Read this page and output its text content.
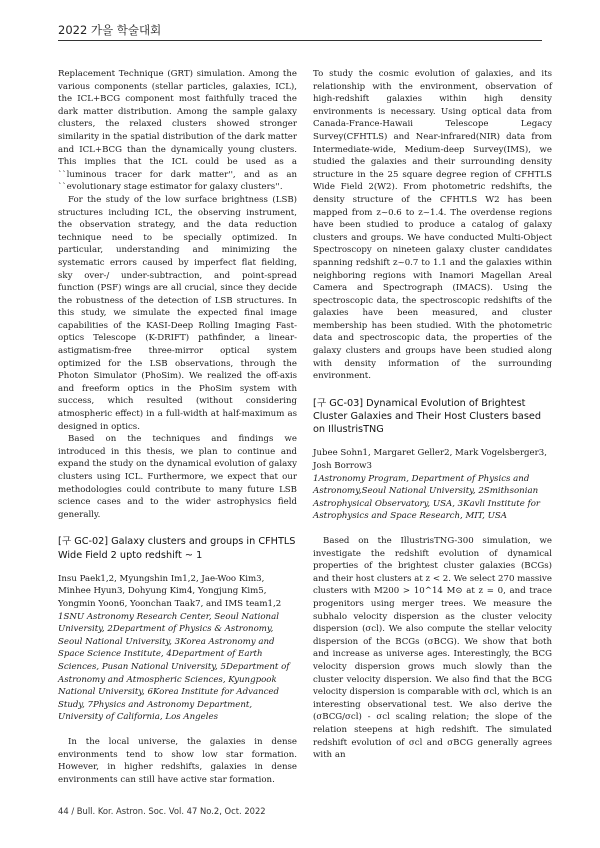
2022 가을 학술대회

Replacement Technique (GRT) simulation. Among the various components (stellar particles, galaxies, ICL), the ICL+BCG component most faithfully traced the dark matter distribution. Among the sample galaxy clusters, the relaxed clusters showed stronger similarity in the spatial distribution of the dark matter and ICL+BCG than the dynamically young clusters. This implies that the ICL could be used as a ``luminous tracer for dark matter'', and as an ``evolutionary stage estimator for galaxy clusters''.

For the study of the low surface brightness (LSB) structures including ICL, the observing instrument, the observation strategy, and the data reduction technique need to be specially optimized. In particular, understanding and minimizing the systematic errors caused by imperfect flat fielding, sky over-/ under-subtraction, and point-spread function (PSF) wings are all crucial, since they decide the robustness of the detection of LSB structures. In this study, we simulate the expected final image capabilities of the KASI-Deep Rolling Imaging Fast-optics Telescope (K-DRIFT) pathfinder, a linear-astigmatism-free three-mirror optical system optimized for the LSB observations, through the Photon Simulator (PhoSim). We realized the off-axis and freeform optics in the PhoSim system with success, which resulted (without considering atmospheric effect) in a full-width at half-maximum as designed in optics.

Based on the techniques and findings we introduced in this thesis, we plan to continue and expand the study on the dynamical evolution of galaxy clusters using ICL. Furthermore, we expect that our methodologies could contribute to many future LSB science cases and to the wider astrophysics field generally.

[구 GC-02] Galaxy clusters and groups in CFHTLS Wide Field 2 upto redshift ~ 1

Insu Paek1,2, Myungshin Im1,2, Jae-Woo Kim3, Minhee Hyun3, Dohyung Kim4, Yongjung Kim5, Yongmin Yoon6, Yoonchan Taak7, and IMS team1,2

1SNU Astronomy Research Center, Seoul National University, 2Department of Physics & Astronomy, Seoul National University, 3Korea Astronomy and Space Science Institute, 4Department of Earth Sciences, Pusan National University, 5Department of Astronomy and Atmospheric Sciences, Kyungpook National University, 6Korea Institute for Advanced Study, 7Physics and Astronomy Department, University of California, Los Angeles

In the local universe, the galaxies in dense environments tend to show low star formation. However, in higher redshifts, galaxies in dense environments can still have active star formation.

To study the cosmic evolution of galaxies, and its relationship with the environment, observation of high-redshift galaxies within high density environments is necessary. Using optical data from Canada-France-Hawaii Telescope Legacy Survey(CFHTLS) and Near-infrared(NIR) data from Intermediate-wide, Medium-deep Survey(IMS), we studied the galaxies and their surrounding density structure in the 25 square degree region of CFHTLS Wide Field 2(W2). From photometric redshifts, the density structure of the CFHTLS W2 has been mapped from z~0.6 to z~1.4. The overdense regions have been studied to produce a catalog of galaxy clusters and groups. We have conducted Multi-Object Spectroscopy on nineteen galaxy cluster candidates spanning redshift z~0.7 to 1.1 and the galaxies within neighboring regions with Inamori Magellan Areal Camera and Spectrograph (IMACS). Using the spectroscopic data, the spectroscopic redshifts of the galaxies have been measured, and cluster membership has been studied. With the photometric data and spectroscopic data, the properties of the galaxy clusters and groups have been studied along with density information of the surrounding environment.

[구 GC-03] Dynamical Evolution of Brightest Cluster Galaxies and Their Host Clusters based on IllustrisTNG

Jubee Sohn1, Margaret Geller2, Mark Vogelsberger3, Josh Borrow3

1Astronomy Program, Department of Physics and Astronomy,Seoul National University, 2Smithsonian Astrophysical Observatory, USA, 3Kavli Institute for Astrophysics and Space Research, MIT, USA

Based on the IllustrisTNG-300 simulation, we investigate the redshift evolution of dynamical properties of the brightest cluster galaxies (BCGs) and their host clusters at z < 2. We select 270 massive clusters with M200 > 10^14 M⊙ at z = 0, and trace progenitors using merger trees. We measure the subhalo velocity dispersion as the cluster velocity dispersion (σcl). We also compute the stellar velocity dispersion of the BCGs (σBCG). We show that both and increase as universe ages. Interestingly, the BCG velocity dispersion grows much slowly than the cluster velocity dispersion. We also find that the BCG velocity dispersion is comparable with σcl, which is an interesting observational test. We also derive the (σBCG/σcl) - σcl scaling relation; the slope of the relation steepens at high redshift. The simulated redshift evolution of σcl and σBCG generally agrees with an

44 / Bull. Kor. Astron. Soc. Vol. 47 No.2, Oct. 2022
